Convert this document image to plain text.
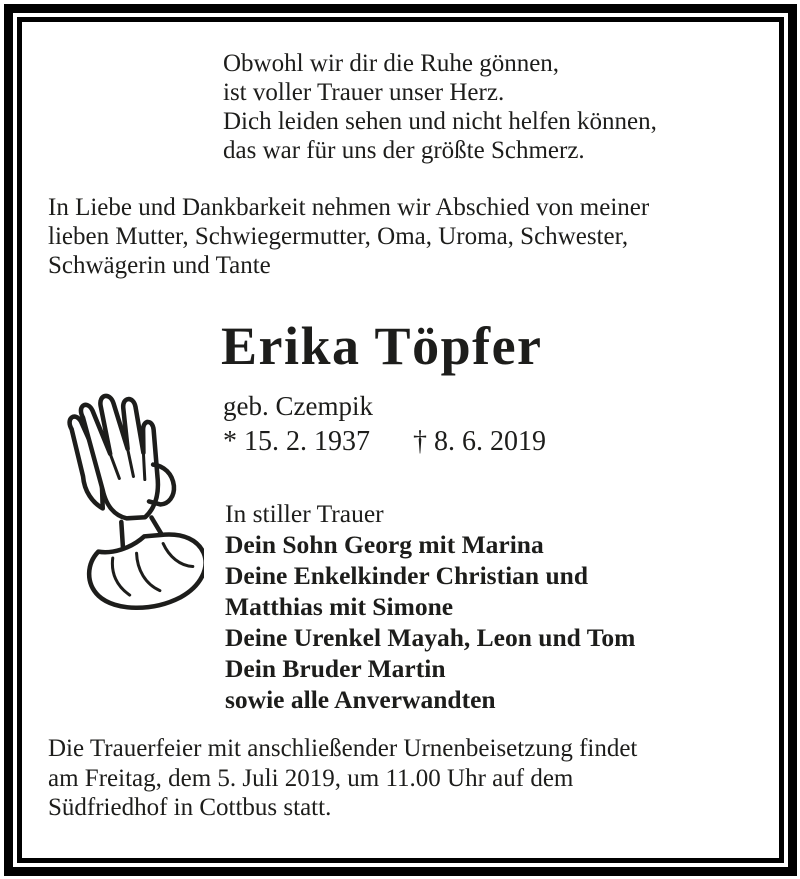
Obwohl wir dir die Ruhe gönnen,
ist voller Trauer unser Herz.
Dich leiden sehen und nicht helfen können,
das war für uns der größte Schmerz.
In Liebe und Dankbarkeit nehmen wir Abschied von meiner
lieben Mutter, Schwiegermutter, Oma, Uroma, Schwester,
Schwägerin und Tante
Erika Töpfer
geb. Czempik
* 15. 2. 1937 † 8. 6. 2019
In stiller Trauer
Dein Sohn Georg mit Marina
Deine Enkelkinder Christian und
Matthias mit Simone
Deine Urenkel Mayah, Leon und Tom
Dein Bruder Martin
sowie alle Anverwandten
Die Trauerfeier mit anschließender Urnenbeisetzung findet
am Freitag, dem 5. Juli 2019, um 11.00 Uhr auf dem
Südfriedhof in Cottbus statt.
